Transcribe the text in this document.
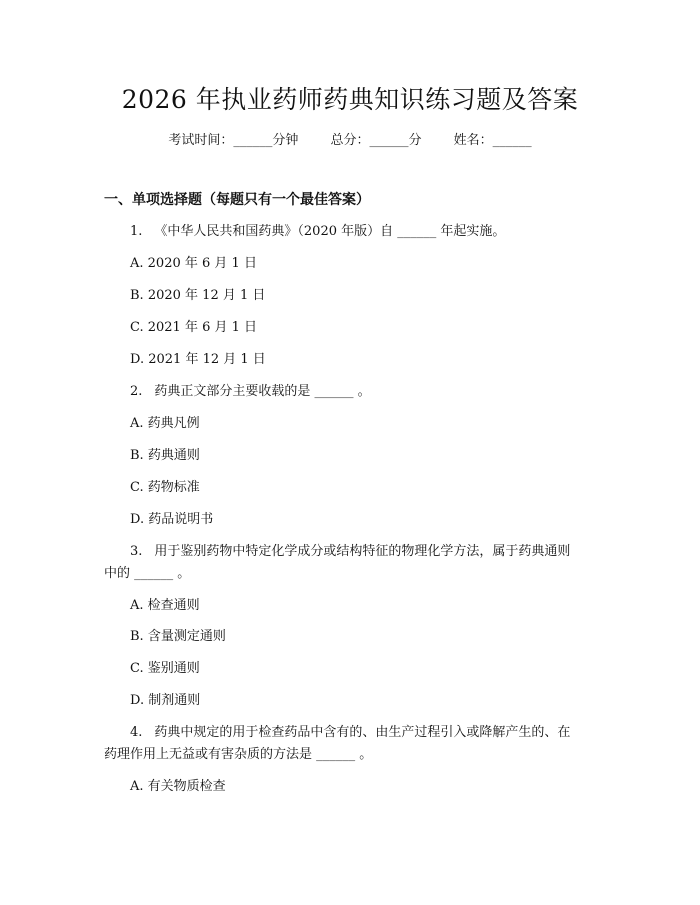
2026 年执业药师药典知识练习题及答案
考试时间：______分钟 总分：______分 姓名：______
一、单项选择题（每题只有一个最佳答案）
1. 《中华人民共和国药典》（2020 年版）自 ______ 年起实施。
A. 2020 年 6 月 1 日
B. 2020 年 12 月 1 日
C. 2021 年 6 月 1 日
D. 2021 年 12 月 1 日
2. 药典正文部分主要收载的是 ______ 。
A. 药典凡例
B. 药典通则
C. 药物标准
D. 药品说明书
3. 用于鉴别药物中特定化学成分或结构特征的物理化学方法，属于药典通则
中的 ______ 。
A. 检查通则
B. 含量测定通则
C. 鉴别通则
D. 制剂通则
4. 药典中规定的用于检查药品中含有的、由生产过程引入或降解产生的、在
药理作用上无益或有害杂质的方法是 ______ 。
A. 有关物质检查
